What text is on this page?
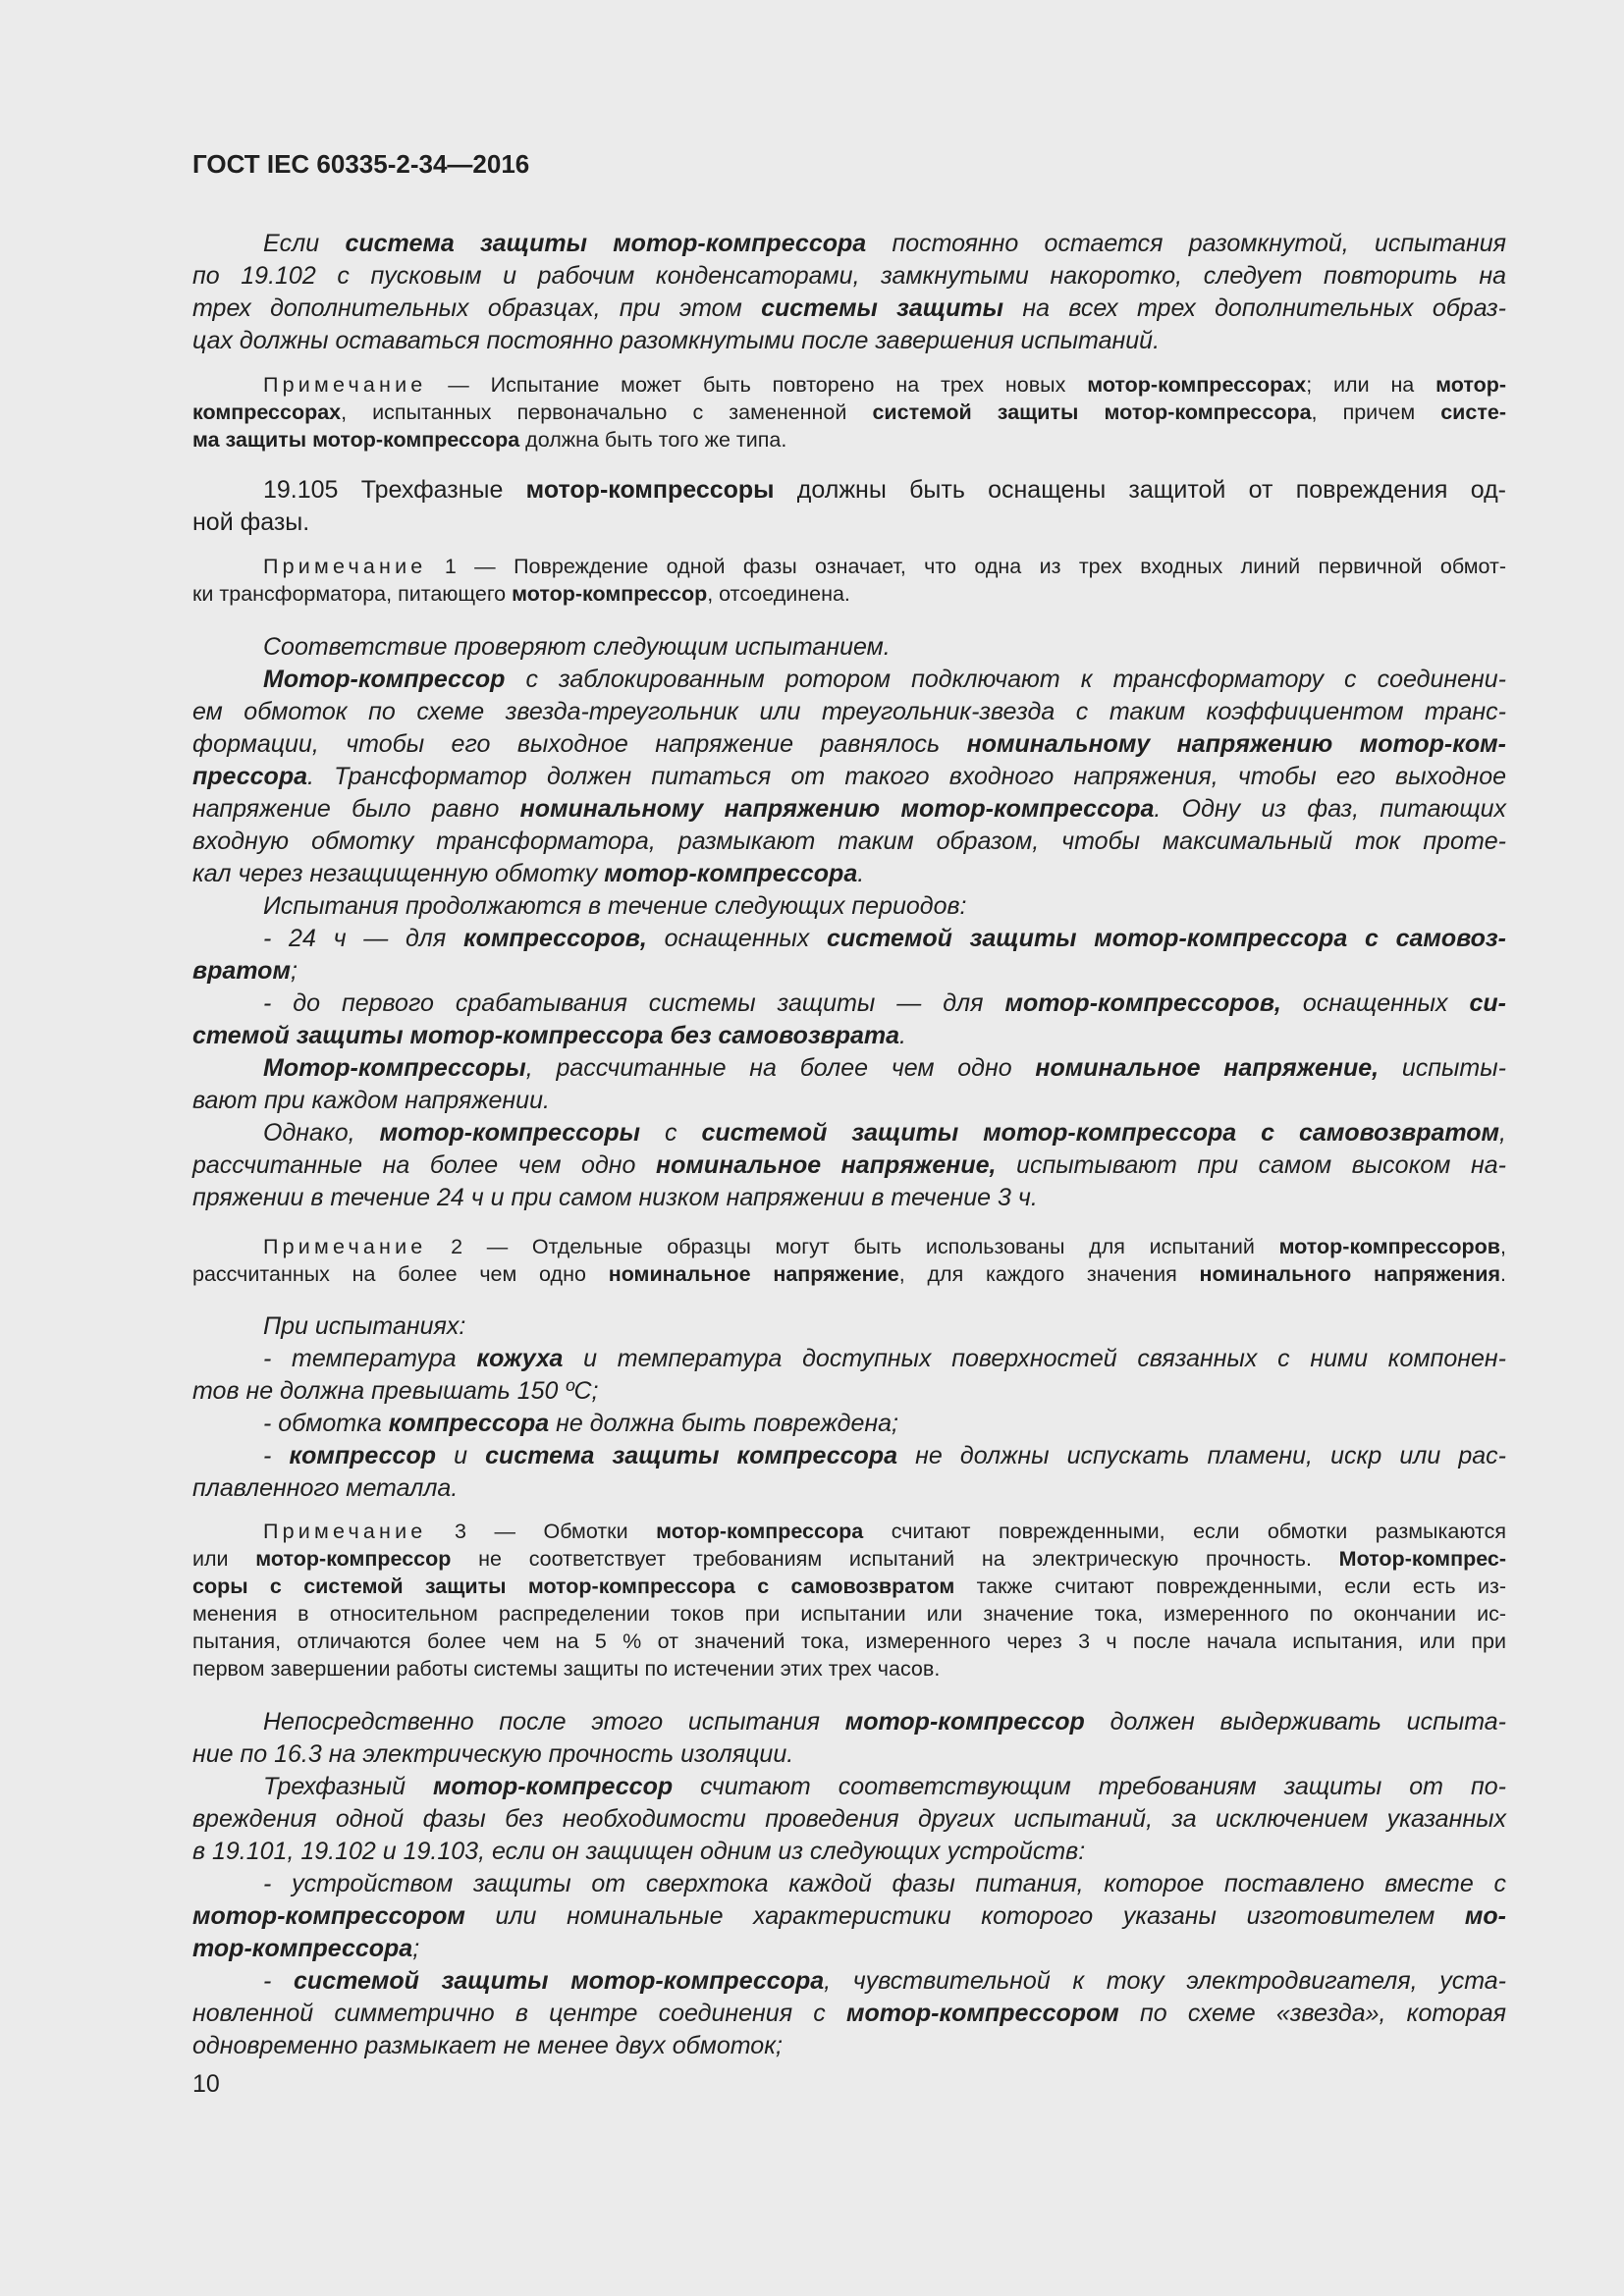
ГОСТ IEC 60335-2-34—2016
Если система защиты мотор-компрессора постоянно остается разомкнутой, испытания
по 19.102 с пусковым и рабочим конденсаторами, замкнутыми накоротко, следует повторить на
трех дополнительных образцах, при этом системы защиты на всех трех дополнительных образ-
цах должны оставаться постоянно разомкнутыми после завершения испытаний.
Примечание — Испытание может быть повторено на трех новых мотор-компрессорах; или на мотор-
компрессорах, испытанных первоначально с замененной системой защиты мотор-компрессора, причем систе-
ма защиты мотор-компрессора должна быть того же типа.
19.105 Трехфазные мотор-компрессоры должны быть оснащены защитой от повреждения од-
ной фазы.
Примечание 1 — Повреждение одной фазы означает, что одна из трех входных линий первичной обмот-
ки трансформатора, питающего мотор-компрессор, отсоединена.
Соответствие проверяют следующим испытанием.
Мотор-компрессор с заблокированным ротором подключают к трансформатору с соединени-
ем обмоток по схеме звезда-треугольник или треугольник-звезда с таким коэффициентом транс-
формации, чтобы его выходное напряжение равнялось номинальному напряжению мотор-ком-
прессора. Трансформатор должен питаться от такого входного напряжения, чтобы его выходное
напряжение было равно номинальному напряжению мотор-компрессора. Одну из фаз, питающих
входную обмотку трансформатора, размыкают таким образом, чтобы максимальный ток проте-
кал через незащищенную обмотку мотор-компрессора.
Испытания продолжаются в течение следующих периодов:
- 24 ч — для компрессоров, оснащенных системой защиты мотор-компрессора с самовоз-
вратом;
- до первого срабатывания системы защиты — для мотор-компрессоров, оснащенных си-
стемой защиты мотор-компрессора без самовозврата.
Мотор-компрессоры, рассчитанные на более чем одно номинальное напряжение, испыты-
вают при каждом напряжении.
Однако, мотор-компрессоры с системой защиты мотор-компрессора с самовозвратом,
рассчитанные на более чем одно номинальное напряжение, испытывают при самом высоком на-
пряжении в течение 24 ч и при самом низком напряжении в течение 3 ч.
Примечание 2 — Отдельные образцы могут быть использованы для испытаний мотор-компрессоров,
рассчитанных на более чем одно номинальное напряжение, для каждого значения номинального напряжения.
При испытаниях:
- температура кожуха и температура доступных поверхностей связанных с ними компонен-
тов не должна превышать 150 ºС;
- обмотка компрессора не должна быть повреждена;
- компрессор и система защиты компрессора не должны испускать пламени, искр или рас-
плавленного металла.
Примечание 3 — Обмотки мотор-компрессора считают поврежденными, если обмотки размыкаются
или мотор-компрессор не соответствует требованиям испытаний на электрическую прочность. Мотор-компрес-
соры с системой защиты мотор-компрессора с самовозвратом также считают поврежденными, если есть из-
менения в относительном распределении токов при испытании или значение тока, измеренного по окончании ис-
пытания, отличаются более чем на 5 % от значений тока, измеренного через 3 ч после начала испытания, или при
первом завершении работы системы защиты по истечении этих трех часов.
Непосредственно после этого испытания мотор-компрессор должен выдерживать испыта-
ние по 16.3 на электрическую прочность изоляции.
Трехфазный мотор-компрессор считают соответствующим требованиям защиты от по-
вреждения одной фазы без необходимости проведения других испытаний, за исключением указанных
в 19.101, 19.102 и 19.103, если он защищен одним из следующих устройств:
- устройством защиты от сверхтока каждой фазы питания, которое поставлено вместе с
мотор-компрессором или номинальные характеристики которого указаны изготовителем мо-
тор-компрессора;
- системой защиты мотор-компрессора, чувствительной к току электродвигателя, уста-
новленной симметрично в центре соединения с мотор-компрессором по схеме «звезда», которая
одновременно размыкает не менее двух обмоток;
10
